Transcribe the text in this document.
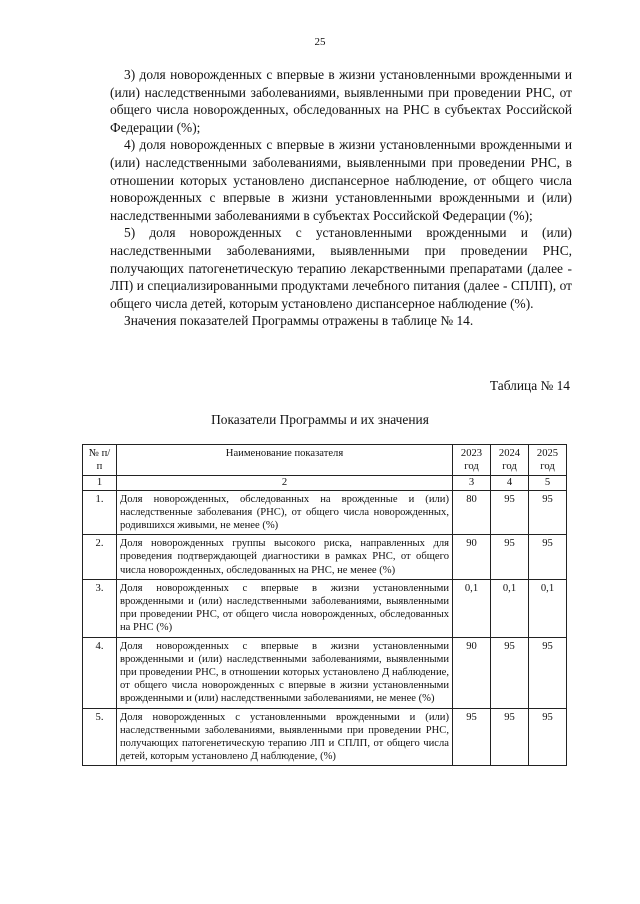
25

3) доля новорожденных с впервые в жизни установленными врожденными и (или) наследственными заболеваниями, выявленными при проведении РНС, от общего числа новорожденных, обследованных на РНС в субъектах Российской Федерации (%);

4) доля новорожденных с впервые в жизни установленными врожденными и (или) наследственными заболеваниями, выявленными при проведении РНС, в отношении которых установлено диспансерное наблюдение, от общего числа новорожденных с впервые в жизни установленными врожденными и (или) наследственными заболеваниями в субъектах Российской Федерации (%);

5) доля новорожденных с установленными врожденными и (или) наследственными заболеваниями, выявленными при проведении РНС, получающих патогенетическую терапию лекарственными препаратами (далее - ЛП) и специализированными продуктами лечебного питания (далее - СПЛП), от общего числа детей, которым установлено диспансерное наблюдение (%).

Значения показателей Программы отражены в таблице № 14.

Таблица № 14
Показатели Программы и их значения
№ п/п	Наименование показателя	2023 год	2024 год	2025 год
1	2	3	4	5
1.	Доля новорожденных, обследованных на врожденные и (или) наследственные заболевания (РНС), от общего числа новорожденных, родившихся живыми, не менее (%)	80	95	95
2.	Доля новорожденных группы высокого риска, направленных для проведения подтверждающей диагностики в рамках РНС, от общего числа новорожденных, обследованных на РНС, не менее (%)	90	95	95
3.	Доля новорожденных с впервые в жизни установленными врожденными и (или) наследственными заболеваниями, выявленными при проведении РНС, от общего числа новорожденных, обследованных на РНС (%)	0,1	0,1	0,1
4.	Доля новорожденных с впервые в жизни установленными врожденными и (или) наследственными заболеваниями, выявленными при проведении РНС, в отношении которых установлено Д наблюдение, от общего числа новорожденных с впервые в жизни установленными врожденными и (или) наследственными заболеваниями, не менее (%)	90	95	95
5.	Доля новорожденных с установленными врожденными и (или) наследственными заболеваниями, выявленными при проведении РНС, получающих патогенетическую терапию ЛП и СПЛП, от общего числа детей, которым установлено Д наблюдение, (%)	95	95	95
